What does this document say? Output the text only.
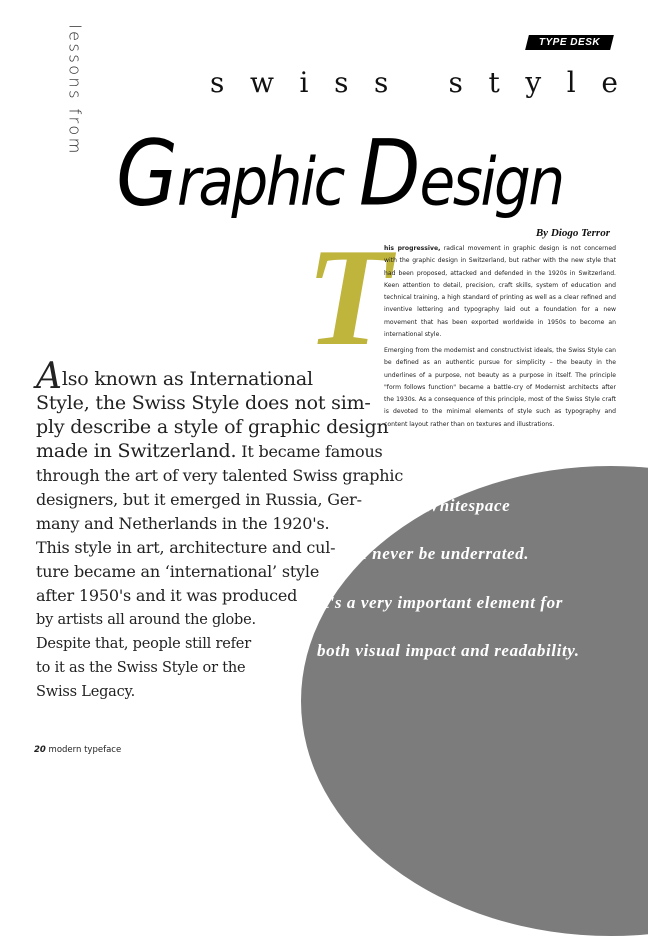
TYPE DESK
lessons from	swiss style
Graphic Design
By Diogo Terror
T
his progressive, radical movement in graphic design is not concerned with the graphic design in Switzerland, but rather with the new style that had been proposed, attacked and defended in the 1920s in Switzerland. Keen attention to detail, precision, craft skills, system of education and technical training, a high standard of printing as well as a clear refined and inventive lettering and typography laid out a foundation for a new movement that has been exported worldwide in 1950s to become an international style.
Emerging from the modernist and constructivist ideals, the Swiss Style can be defined as an authentic pursue for simplicity – the beauty in the underlines of a purpose, not beauty as a purpose in itself. The principle "form follows function" became a battle-cry of Modernist architects after the 1930s. As a consequence of this principle, most of the Swiss Style craft is devoted to the minimal elements of style such as typography and content layout rather than on textures and illustrations.
Also known as International
Style, the Swiss Style does not sim-
ply describe a style of graphic design
made in Switzerland. It became famous
through the art of very talented Swiss graphic
designers, but it emerged in Russia, Ger-
many and Netherlands in the 1920's.
This style in art, architecture and cul-
ture became an ‘international’ style
after 1950's and it was produced
by artists all around the globe.
Despite that, people still refer
to it as the Swiss Style or the
Swiss Legacy.
Whitespace
can never be underrated.
It's a very important element for
both visual impact and readability.
20 modern typeface
